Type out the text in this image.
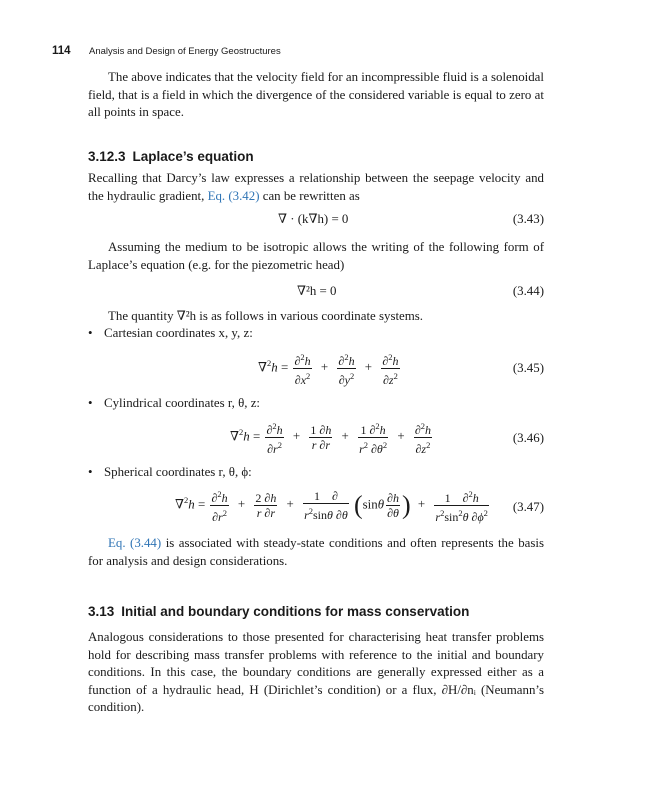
114 Analysis and Design of Energy Geostructures

The above indicates that the velocity field for an incompressible fluid is a solenoidal field, that is a field in which the divergence of the considered variable is equal to zero at all points in space.

3.12.3 Laplace’s equation

Recalling that Darcy’s law expresses a relationship between the seepage velocity and the hydraulic gradient, Eq. (3.42) can be rewritten as

∇ · (k∇h) = 0	(3.43)

Assuming the medium to be isotropic allows the writing of the following form of Laplace’s equation (e.g. for the piezometric head)

∇²h = 0	(3.44)

The quantity ∇²h is as follows in various coordinate systems.

• Cartesian coordinates x, y, z:
$\nabla^2h = \frac{\partial^2h}{\partial x^2} + \frac{\partial^2h}{\partial y^2} + \frac{\partial^2h}{\partial z^2}$	(3.45)
• Cylindrical coordinates r, θ, z:
$\nabla^2h = \frac{\partial^2h}{\partial r^2} + \frac{1 \partial h}{r \partial r} + \frac{1 \partial^2h}{r^2 \partial\theta^2} + \frac{\partial^2h}{\partial z^2}$	(3.46)
• Spherical coordinates r, θ, ϕ:
$\nabla^2h = \frac{\partial^2h}{\partial r^2} + \frac{2 \partial h}{r \partial r} + \frac{1 \partial}{r^2\sin\theta \partial\theta} (\sin\theta \frac{\partial h}{\partial\theta}$ ) + $\frac{1 \partial^2h}{r^2\sin^2\theta \partial\phi^2} (3.47)$

Eq. (3.44) is associated with steady-state conditions and often represents the basis for analysis and design considerations.

3.13 Initial and boundary conditions for mass conservation

Analogous considerations to those presented for characterising heat transfer problems hold for describing mass transfer problems with reference to the initial and boundary conditions. In this case, the boundary conditions are generally expressed either as a function of a hydraulic head, H (Dirichlet’s condition) or a flux, ∂H/∂nᵢ (Neumann’s condition).
